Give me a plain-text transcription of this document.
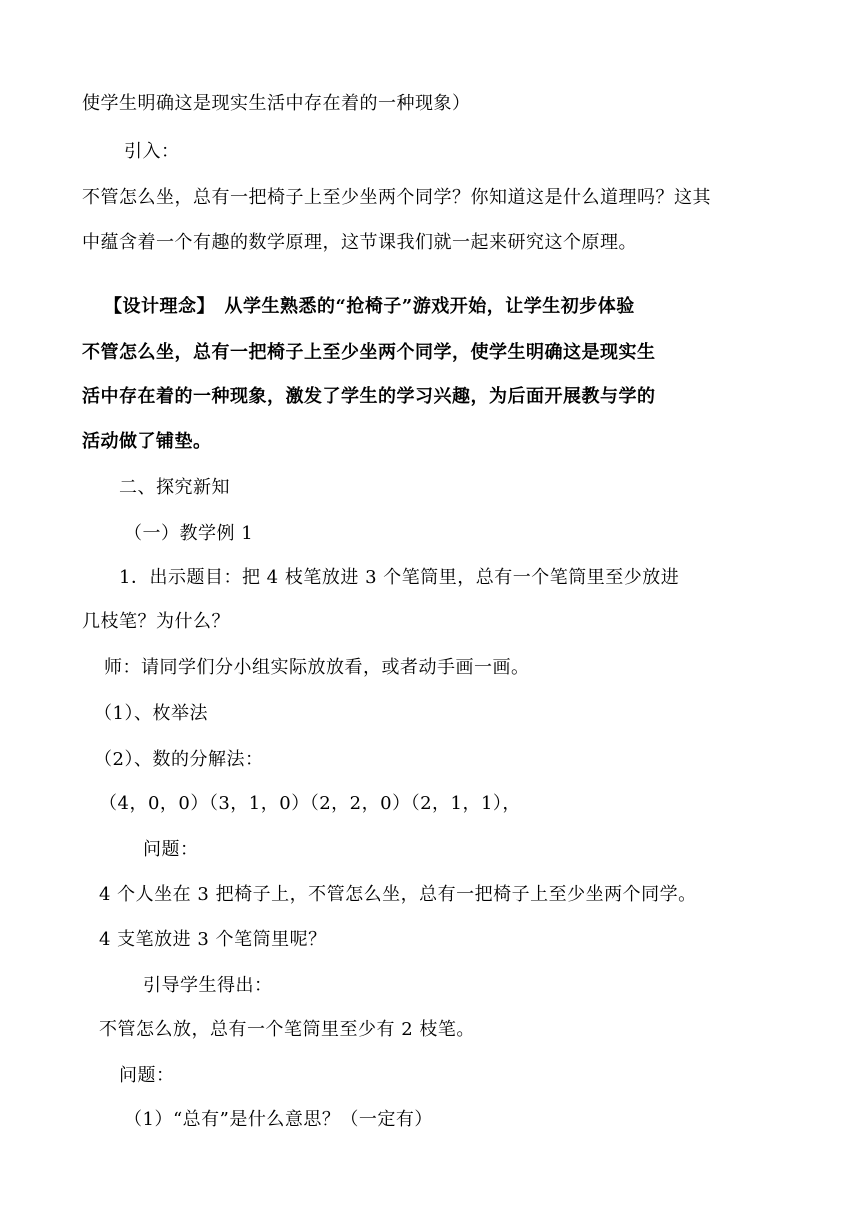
使学生明确这是现实生活中存在着的一种现象）
引入：
不管怎么坐，总有一把椅子上至少坐两个同学？你知道这是什么道理吗？这其
中蕴含着一个有趣的数学原理，这节课我们就一起来研究这个原理。
【设计理念】　从学生熟悉的“抢椅子”游戏开始，让学生初步体验
不管怎么坐，总有一把椅子上至少坐两个同学，使学生明确这是现实生
活中存在着的一种现象，激发了学生的学习兴趣，为后面开展教与学的
活动做了铺垫。
二、探究新知
（一）教学例 1
1．出示题目：把 4 枝笔放进 3 个笔筒里，总有一个笔筒里至少放进
几枝笔？为什么？
师：请同学们分小组实际放放看，或者动手画一画。
（1）、枚举法
（2）、数的分解法：
（4，0，0）（3，1，0）（2，2，0）（2，1，1），
问题：
4 个人坐在 3 把椅子上，不管怎么坐，总有一把椅子上至少坐两个同学。
4 支笔放进 3 个笔筒里呢？
引导学生得出：
不管怎么放，总有一个笔筒里至少有 2 枝笔。
问题：
（1）“总有”是什么意思？（一定有）
